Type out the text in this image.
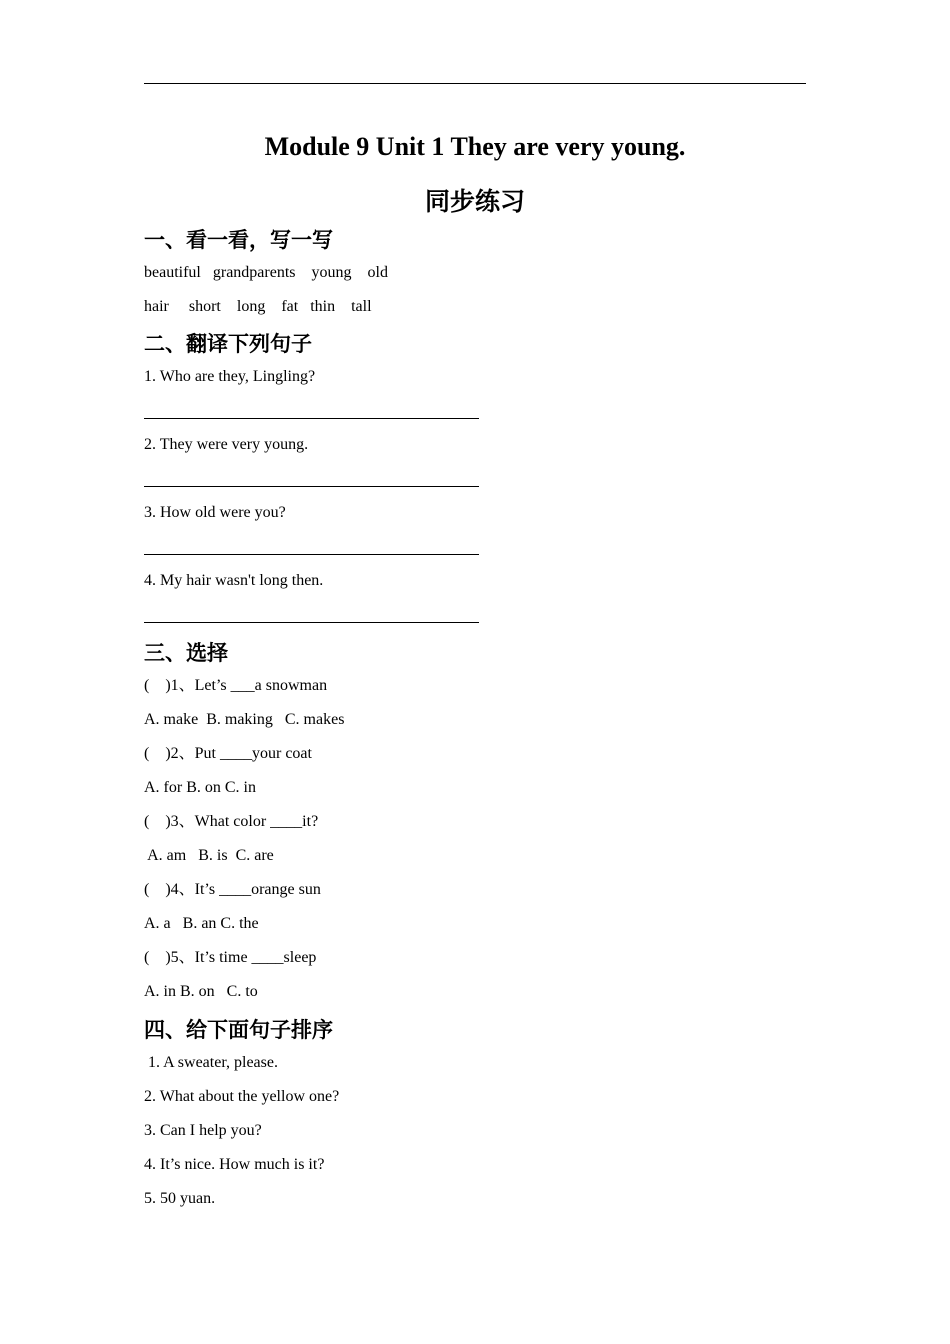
Module 9 Unit 1 They are very young.
同步练习
一、看一看，写一写
beautiful   grandparents    young    old
hair     short    long    fat   thin    tall
二、翻译下列句子
1. Who are they, Lingling?
2. They were very young.
3. How old were you?
4. My hair wasn't long then.
三、选择
(    )1、Let’s ___a snowman
A. make  B. making   C. makes
(    )2、Put ____your coat
A. for B. on C. in
(    )3、What color ____it?
A. am   B. is  C. are
(    )4、It’s ____orange sun
A. a   B. an C. the
(    )5、It’s time ____sleep
A. in B. on   C. to
四、给下面句子排序
1. A sweater, please.
2. What about the yellow one?
3. Can I help you?
4. It’s nice. How much is it?
5. 50 yuan.
